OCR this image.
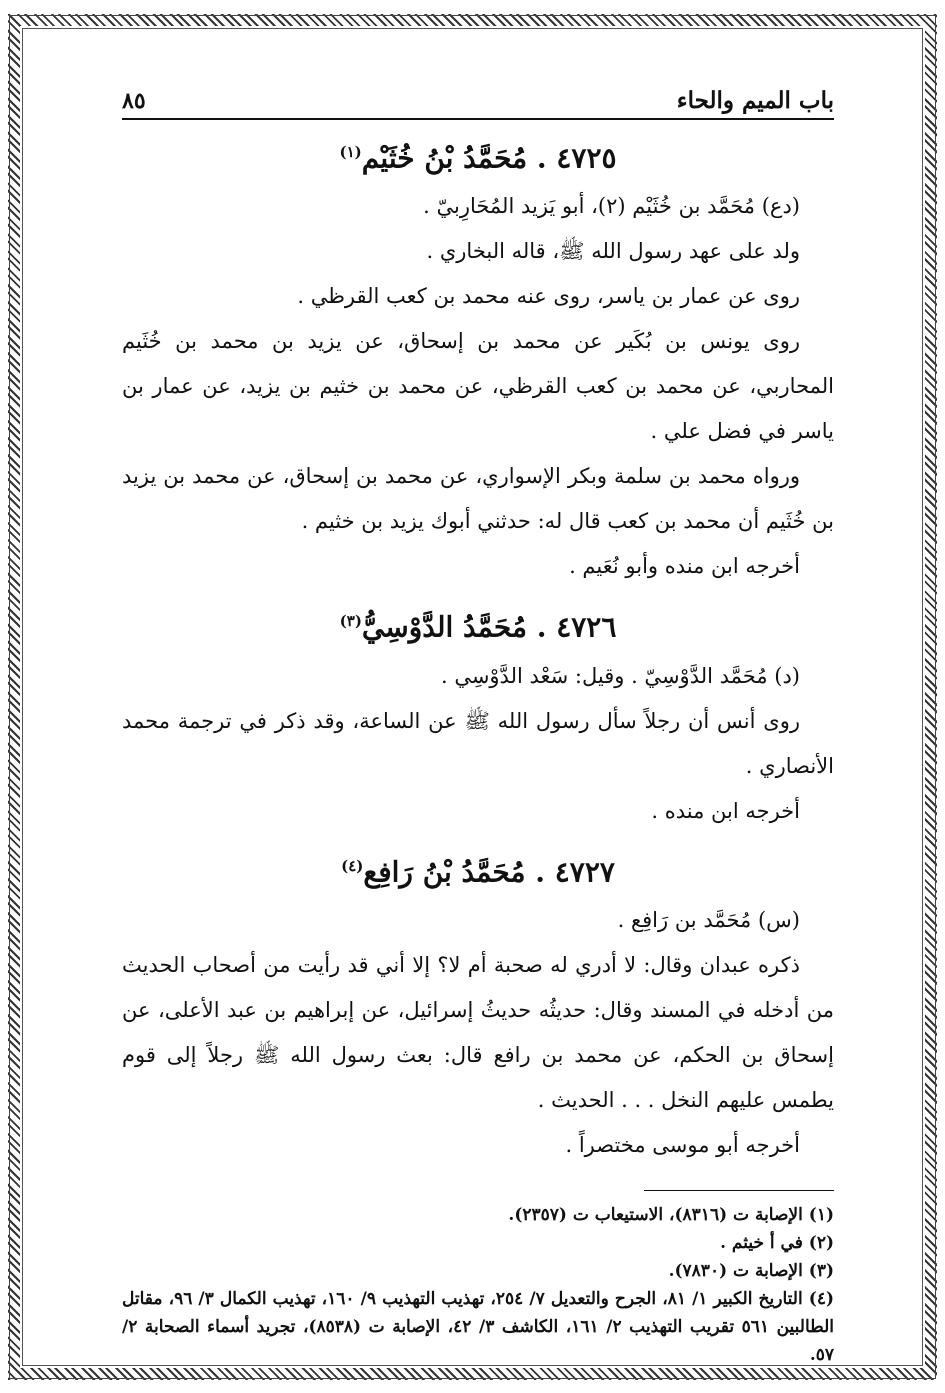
باب الميم والحاء
٨٥
٤٧٢٥ . مُحَمَّدُ بْنُ خُثَيْم$^{(١)}$

(دع) مُحَمَّد بن خُثَيْم (٢)، أبو يَزيد المُحَارِبيّ .

ولد على عهد رسول الله ﷺ، قاله البخاري .

روى عن عمار بن ياسر، روى عنه محمد بن كعب القرظي .

روى يونس بن بُكَير عن محمد بن إسحاق، عن يزيد بن محمد بن خُثَيم المحاربي، عن محمد بن كعب القرظي، عن محمد بن خثيم بن يزيد، عن عمار بن ياسر في فضل علي .

ورواه محمد بن سلمة وبكر الإسواري، عن محمد بن إسحاق، عن محمد بن يزيد بن خُثَيم أن محمد بن كعب قال له: حدثني أبوك يزيد بن خثيم .

أخرجه ابن منده وأبو نُعَيم .

٤٧٢٦ . مُحَمَّدُ الدَّوْسِيُّ$^{(٣)}$

(د) مُحَمَّد الدَّوْسِيّ . وقيل: سَعْد الدَّوْسِي .

روى أنس أن رجلاً سأل رسول الله ﷺ عن الساعة، وقد ذكر في ترجمة محمد الأنصاري .

أخرجه ابن منده .

٤٧٢٧ . مُحَمَّدُ بْنُ رَافِع$^{(٤)}$

(س) مُحَمَّد بن رَافِع .

ذكره عبدان وقال: لا أدري له صحبة أم لا؟ إلا أني قد رأيت من أصحاب الحديث من أدخله في المسند وقال: حديثُه حديثُ إسرائيل، عن إبراهيم بن عبد الأعلى، عن إسحاق بن الحكم، عن محمد بن رافع قال: بعث رسول الله ﷺ رجلاً إلى قوم يطمس عليهم النخل . . . الحديث .

أخرجه أبو موسى مختصراً .

(١) الإصابة ت (٨٣١٦)، الاستيعاب ت (٢٣٥٧).

(٢) في أ خيثم .

(٣) الإصابة ت (٧٨٣٠).

(٤) التاريخ الكبير ١/ ٨١، الجرح والتعديل ٧/ ٢٥٤، تهذيب التهذيب ٩/ ١٦٠، تهذيب الكمال ٣/ ٩٦، مقاتل الطالبين ٥٦١ تقريب التهذيب ٢/ ١٦١، الكاشف ٣/ ٤٢، الإصابة ت (٨٥٣٨)، تجريد أسماء الصحابة ٢/ ٥٧.
